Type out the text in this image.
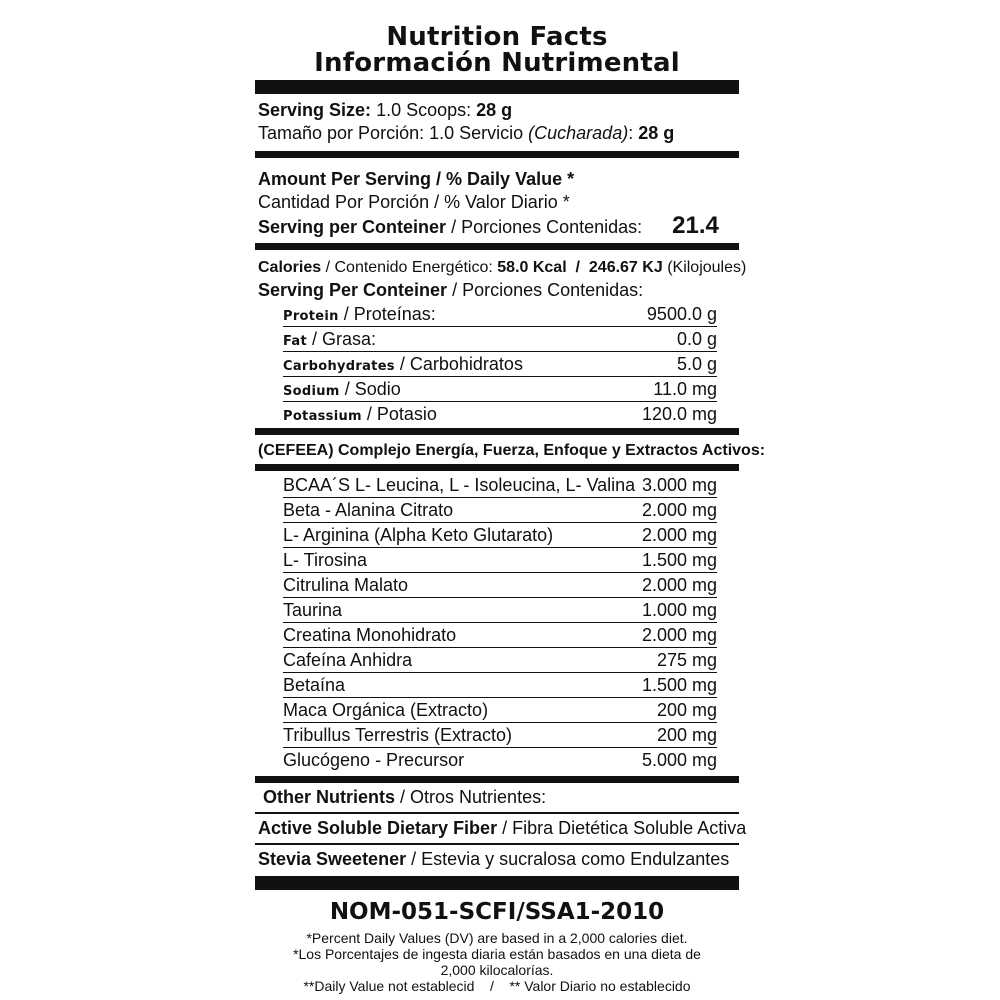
Nutrition Facts
Información Nutrimental
Serving Size: 1.0 Scoops: 28 g
Tamaño por Porción: 1.0 Servicio (Cucharada): 28 g
Amount Per Serving / % Daily Value *
Cantidad Por Porción / % Valor Diario *
Serving per Conteiner
/ Porciones Contenidas: 21.4
Calories / Contenido Energético: 58.0 Kcal / 246.67 KJ (Kilojoules)
Serving Per Conteiner / Porciones Contenidas:
Protein / Proteínas:	9500.0 g
Fat / Grasa:	0.0 g
Carbohydrates / Carbohidratos	5.0 g
Sodium / Sodio	11.0 mg
Potassium / Potasio	120.0 mg
(CEFEEA) Complejo Energía, Fuerza, Enfoque y Extractos Activos:
BCAA´S L- Leucina, L - Isoleucina, L- Valina 3.000 mg
Beta - Alanina Citrato	2.000 mg
L- Arginina (Alpha Keto Glutarato)	2.000 mg
L- Tirosina	1.500 mg
Citrulina Malato	2.000 mg
Taurina	1.000 mg
Creatina Monohidrato	2.000 mg
Cafeína Anhidra	275 mg
Betaína	1.500 mg
Maca Orgánica (Extracto)	200 mg
Tribullus Terrestris (Extracto)	200 mg
Glucógeno - Precursor	5.000 mg
Other Nutrients / Otros Nutrientes:
Active Soluble Dietary Fiber / Fibra Dietética Soluble Activa
Stevia Sweetener / Estevia y sucralosa como Endulzantes
NOM-051-SCFI/SSA1-2010
*Percent Daily Values (DV) are based in a 2,000 calories diet.
*Los Porcentajes de ingesta diaria están basados en una dieta de
2,000 kilocalorías.
**Daily Value not establecid    /    ** Valor Diario no establecido
